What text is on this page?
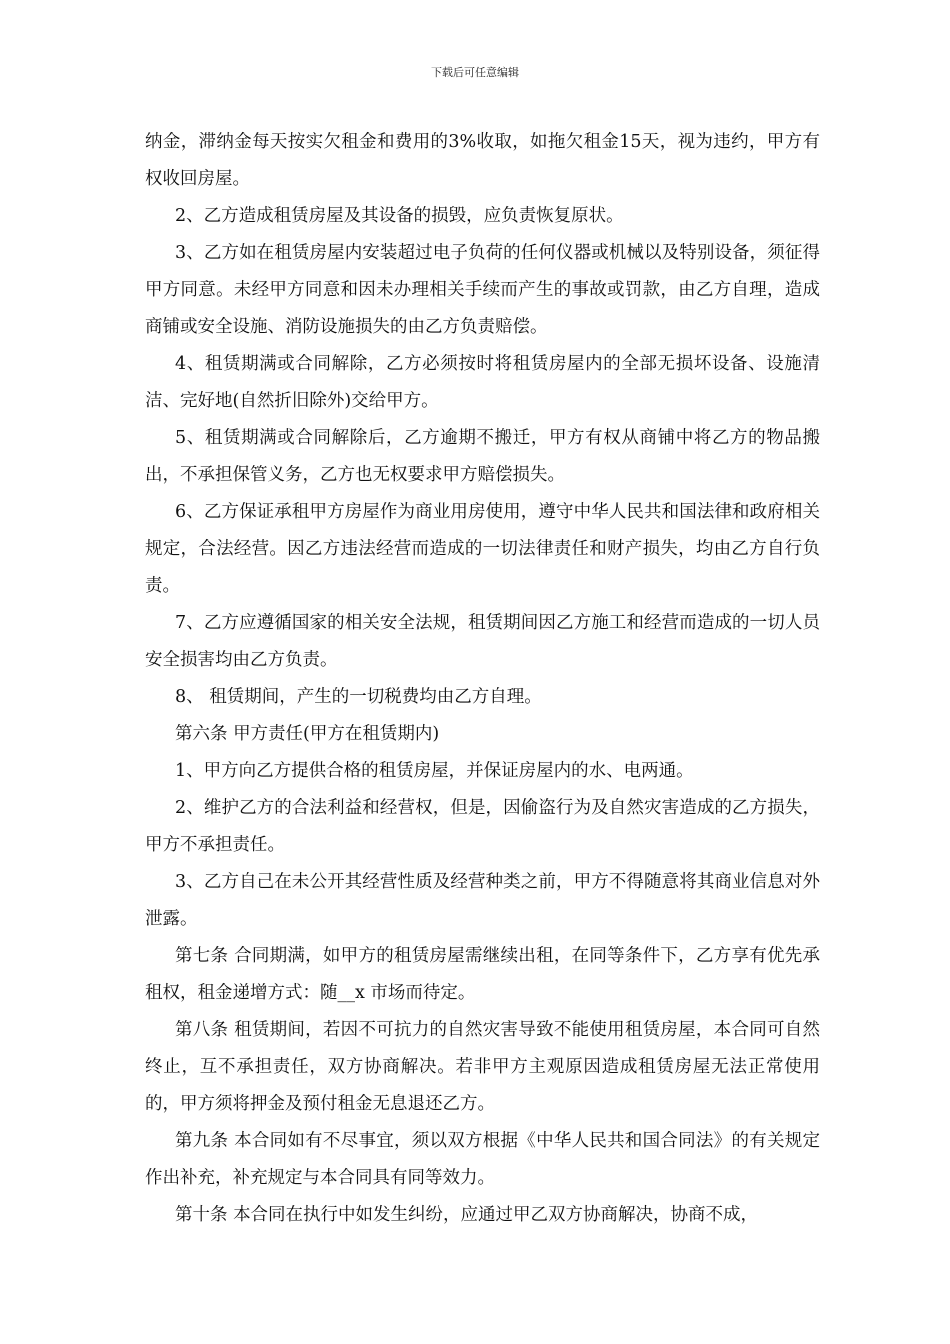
下载后可任意编辑

纳金，滞纳金每天按实欠租金和费用的3%收取，如拖欠租金15天，视为违约，甲方有权收回房屋。

2、乙方造成租赁房屋及其设备的损毁，应负责恢复原状。

3、乙方如在租赁房屋内安装超过电子负荷的任何仪器或机械以及特别设备，须征得甲方同意。未经甲方同意和因未办理相关手续而产生的事故或罚款，由乙方自理，造成商铺或安全设施、消防设施损失的由乙方负责赔偿。

4、租赁期满或合同解除，乙方必须按时将租赁房屋内的全部无损坏设备、设施清洁、完好地(自然折旧除外)交给甲方。

5、租赁期满或合同解除后，乙方逾期不搬迁，甲方有权从商铺中将乙方的物品搬出，不承担保管义务，乙方也无权要求甲方赔偿损失。

6、乙方保证承租甲方房屋作为商业用房使用，遵守中华人民共和国法律和政府相关规定，合法经营。因乙方违法经营而造成的一切法律责任和财产损失，均由乙方自行负责。

7、乙方应遵循国家的相关安全法规，租赁期间因乙方施工和经营而造成的一切人员安全损害均由乙方负责。

8、 租赁期间，产生的一切税费均由乙方自理。

第六条 甲方责任(甲方在租赁期内)

1、甲方向乙方提供合格的租赁房屋，并保证房屋内的水、电两通。

2、维护乙方的合法利益和经营权，但是，因偷盗行为及自然灾害造成的乙方损失，甲方不承担责任。

3、乙方自己在未公开其经营性质及经营种类之前，甲方不得随意将其商业信息对外泄露。

第七条 合同期满，如甲方的租赁房屋需继续出租，在同等条件下，乙方享有优先承租权，租金递增方式：随__x 市场而待定。

第八条 租赁期间，若因不可抗力的自然灾害导致不能使用租赁房屋，本合同可自然终止，互不承担责任，双方协商解决。若非甲方主观原因造成租赁房屋无法正常使用的，甲方须将押金及预付租金无息退还乙方。

第九条 本合同如有不尽事宜，须以双方根据《中华人民共和国合同法》的有关规定作出补充，补充规定与本合同具有同等效力。

第十条 本合同在执行中如发生纠纷，应通过甲乙双方协商解决，协商不成，
